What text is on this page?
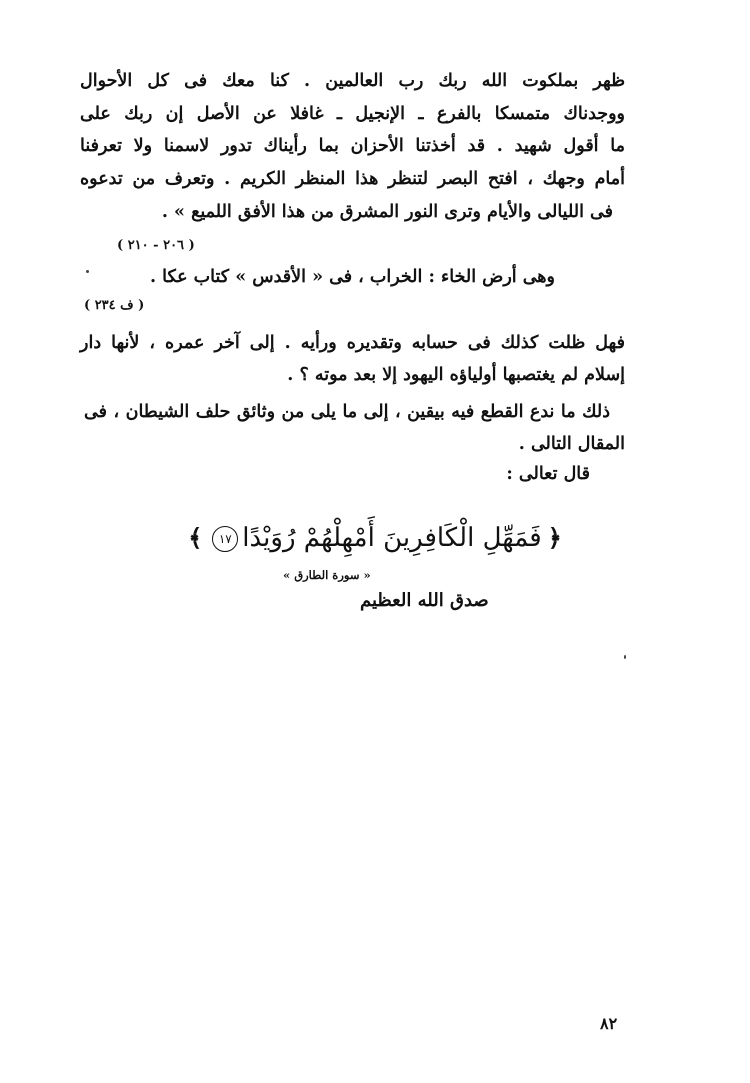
ظهر بملكوت الله ربك رب العالمين . كنا معك فى كل الأحوال
ووجدناك متمسكا بالفرع ـ الإنجيل ـ غافلا عن الأصل إن ربك على
ما أقول شهيد . قد أخذتنا الأحزان بما رأيناك تدور لاسمنا ولا تعرفنا
أمام وجهك ، افتح البصر لتنظر هذا المنظر الكريم . وتعرف من تدعوه
فى الليالى والأيام وترى النور المشرق من هذا الأفق اللميع » .
( ٢٠٦ - ٢١٠ )
وهى أرض الخاء : الخراب ، فى « الأقدس » كتاب عكا .
( ف ٢٣٤ )
فهل ظلت كذلك فى حسابه وتقديره ورأيه . إلى آخر عمره ، لأنها دار
إسلام لم يغتصبها أولياؤه اليهود إلا بعد موته ؟ .
ذلك ما ندع القطع فيه بيقين ، إلى ما يلى من وثائق حلف الشيطان ، فى
المقال التالى .
قال تعالى :
﴿فَمَهِّلِ الْكَافِرِينَ أَمْهِلْهُمْ رُوَيْدًا١٧﴾
« سورة الطارق »
صدق الله العظيم
٨٢
